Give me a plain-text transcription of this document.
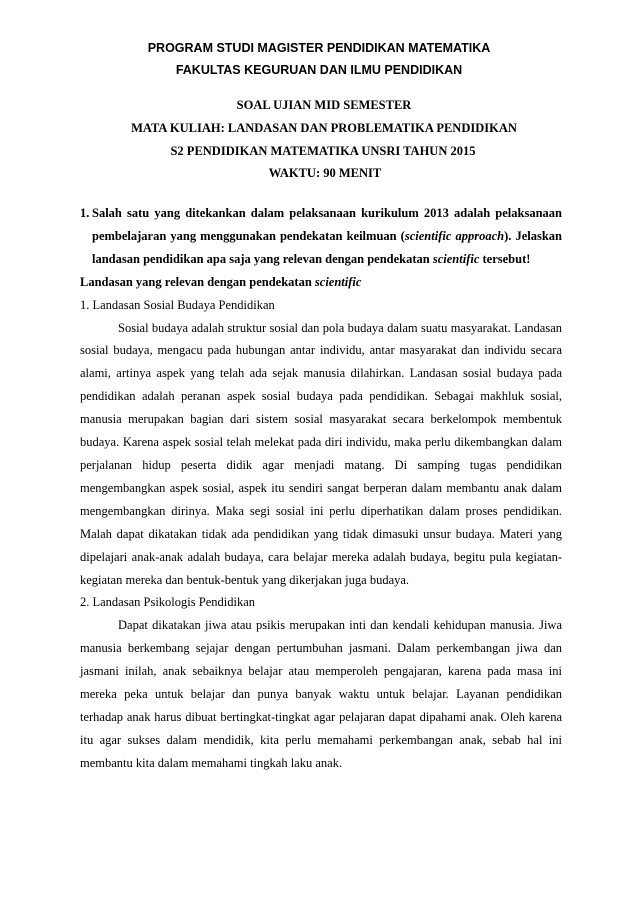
PROGRAM STUDI MAGISTER PENDIDIKAN MATEMATIKA
FAKULTAS KEGURUAN DAN ILMU PENDIDIKAN
SOAL UJIAN MID SEMESTER
MATA KULIAH: LANDASAN DAN PROBLEMATIKA PENDIDIKAN
S2 PENDIDIKAN MATEMATIKA UNSRI TAHUN 2015
WAKTU: 90 MENIT
1. Salah satu yang ditekankan dalam pelaksanaan kurikulum 2013 adalah pelaksanaan pembelajaran yang menggunakan pendekatan keilmuan (scientific approach). Jelaskan landasan pendidikan apa saja yang relevan dengan pendekatan scientific tersebut!
Landasan yang relevan dengan pendekatan scientific
1. Landasan Sosial Budaya Pendidikan

Sosial budaya adalah struktur sosial dan pola budaya dalam suatu masyarakat. Landasan sosial budaya, mengacu pada hubungan antar individu, antar masyarakat dan individu secara alami, artinya aspek yang telah ada sejak manusia dilahirkan. Landasan sosial budaya pada pendidikan adalah peranan aspek sosial budaya pada pendidikan. Sebagai makhluk sosial, manusia merupakan bagian dari sistem sosial masyarakat secara berkelompok membentuk budaya. Karena aspek sosial telah melekat pada diri individu, maka perlu dikembangkan dalam perjalanan hidup peserta didik agar menjadi matang. Di samping tugas pendidikan mengembangkan aspek sosial, aspek itu sendiri sangat berperan dalam membantu anak dalam mengembangkan dirinya. Maka segi sosial ini perlu diperhatikan dalam proses pendidikan. Malah dapat dikatakan tidak ada pendidikan yang tidak dimasuki unsur budaya. Materi yang dipelajari anak-anak adalah budaya, cara belajar mereka adalah budaya, begitu pula kegiatan-kegiatan mereka dan bentuk-bentuk yang dikerjakan juga budaya.

2. Landasan Psikologis Pendidikan

Dapat dikatakan jiwa atau psikis merupakan inti dan kendali kehidupan manusia. Jiwa manusia berkembang sejajar dengan pertumbuhan jasmani. Dalam perkembangan jiwa dan jasmani inilah, anak sebaiknya belajar atau memperoleh pengajaran, karena pada masa ini mereka peka untuk belajar dan punya banyak waktu untuk belajar. Layanan pendidikan terhadap anak harus dibuat bertingkat-tingkat agar pelajaran dapat dipahami anak. Oleh karena itu agar sukses dalam mendidik, kita perlu memahami perkembangan anak, sebab hal ini membantu kita dalam memahami tingkah laku anak.
